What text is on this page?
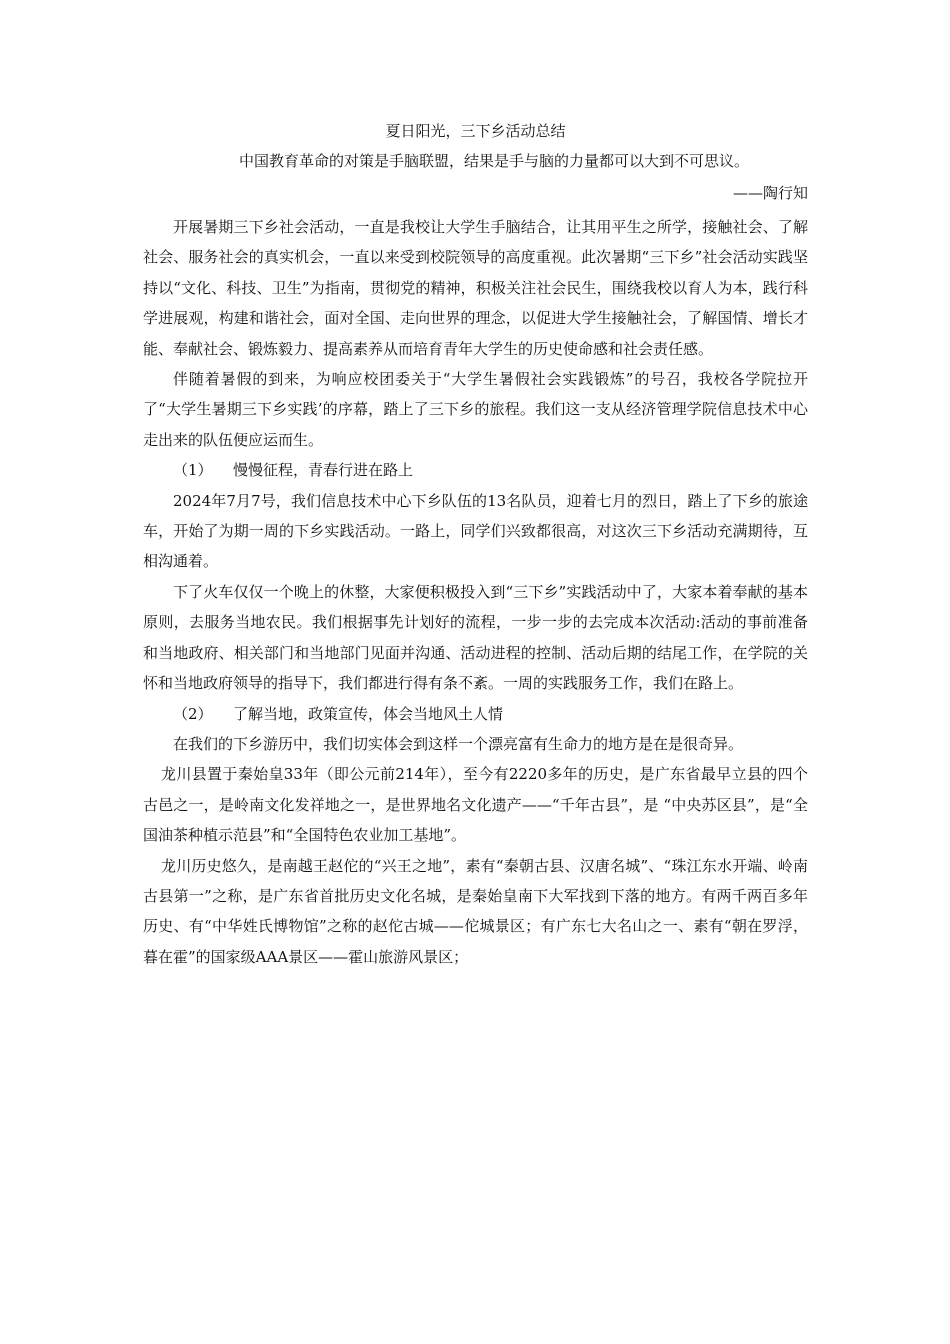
夏日阳光，三下乡活动总结

中国教育革命的对策是手脑联盟，结果是手与脑的力量都可以大到不可思议。

——陶行知

开展暑期三下乡社会活动，一直是我校让大学生手脑结合，让其用平生之所学，接触社会、了解社会、服务社会的真实机会，一直以来受到校院领导的高度重视。此次暑期“三下乡”社会活动实践坚持以“文化、科技、卫生”为指南，贯彻党的精神，积极关注社会民生，围绕我校以育人为本，践行科学进展观，构建和谐社会，面对全国、走向世界的理念，以促进大学生接触社会，了解国情、增长才能、奉献社会、锻炼毅力、提高素养从而培育青年大学生的历史使命感和社会责任感。

伴随着暑假的到来，为响应校团委关于“大学生暑假社会实践锻炼”的号召，我校各学院拉开了“大学生暑期三下乡实践’的序幕，踏上了三下乡的旅程。我们这一支从经济管理学院信息技术中心走出来的队伍便应运而生。

（1） 慢慢征程，青春行进在路上

2024年7月7号，我们信息技术中心下乡队伍的13名队员，迎着七月的烈日，踏上了下乡的旅途车，开始了为期一周的下乡实践活动。一路上，同学们兴致都很高，对这次三下乡活动充满期待，互相沟通着。

下了火车仅仅一个晚上的休整，大家便积极投入到“三下乡”实践活动中了，大家本着奉献的基本原则，去服务当地农民。我们根据事先计划好的流程，一步一步的去完成本次活动:活动的事前准备和当地政府、相关部门和当地部门见面并沟通、活动进程的控制、活动后期的结尾工作，在学院的关怀和当地政府领导的指导下，我们都进行得有条不紊。一周的实践服务工作，我们在路上。

（2） 了解当地，政策宣传，体会当地风土人情

在我们的下乡游历中，我们切实体会到这样一个漂亮富有生命力的地方是在是很奇异。

龙川县置于秦始皇33年（即公元前214年），至今有2220多年的历史，是广东省最早立县的四个古邑之一，是岭南文化发祥地之一，是世界地名文化遗产——“千年古县”，是 “中央苏区县”，是“全国油茶种植示范县”和“全国特色农业加工基地”。

龙川历史悠久，是南越王赵佗的“兴王之地”，素有“秦朝古县、汉唐名城”、“珠江东水开端、岭南古县第一”之称，是广东省首批历史文化名城，是秦始皇南下大军找到下落的地方。有两千两百多年历史、有“中华姓氏博物馆”之称的赵佗古城——佗城景区；有广东七大名山之一、素有“朝在罗浮，暮在霍”的国家级AAA景区——霍山旅游风景区；
